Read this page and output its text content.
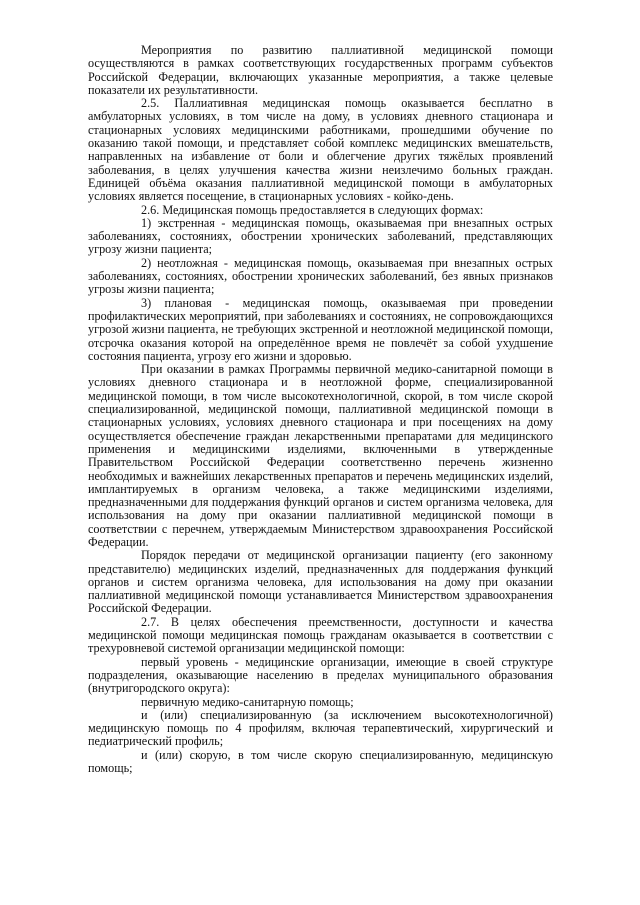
Мероприятия по развитию паллиативной медицинской помощи осуществляются в рамках соответствующих государственных программ субъектов Российской Федерации, включающих указанные мероприятия, а также целевые показатели их результативности.

2.5. Паллиативная медицинская помощь оказывается бесплатно в амбулаторных условиях, в том числе на дому, в условиях дневного стационара и стационарных условиях медицинскими работниками, прошедшими обучение по оказанию такой помощи, и представляет собой комплекс медицинских вмешательств, направленных на избавление от боли и облегчение других тяжёлых проявлений заболевания, в целях улучшения качества жизни неизлечимо больных граждан. Единицей объёма оказания паллиативной медицинской помощи в амбулаторных условиях является посещение, в стационарных условиях - койко-день.

2.6. Медицинская помощь предоставляется в следующих формах:

1) экстренная - медицинская помощь, оказываемая при внезапных острых заболеваниях, состояниях, обострении хронических заболеваний, представляющих угрозу жизни пациента;

2) неотложная - медицинская помощь, оказываемая при внезапных острых заболеваниях, состояниях, обострении хронических заболеваний, без явных признаков угрозы жизни пациента;

3) плановая - медицинская помощь, оказываемая при проведении профилактических мероприятий, при заболеваниях и состояниях, не сопровождающихся угрозой жизни пациента, не требующих экстренной и неотложной медицинской помощи, отсрочка оказания которой на определённое время не повлечёт за собой ухудшение состояния пациента, угрозу его жизни и здоровью.

При оказании в рамках Программы первичной медико-санитарной помощи в условиях дневного стационара и в неотложной форме, специализированной медицинской помощи, в том числе высокотехнологичной, скорой, в том числе скорой специализированной, медицинской помощи, паллиативной медицинской помощи в стационарных условиях, условиях дневного стационара и при посещениях на дому осуществляется обеспечение граждан лекарственными препаратами для медицинского применения и медицинскими изделиями, включенными в утвержденные Правительством Российской Федерации соответственно перечень жизненно необходимых и важнейших лекарственных препаратов и перечень медицинских изделий, имплантируемых в организм человека, а также медицинскими изделиями, предназначенными для поддержания функций органов и систем организма человека, для использования на дому при оказании паллиативной медицинской помощи в соответствии с перечнем, утверждаемым Министерством здравоохранения Российской Федерации.

Порядок передачи от медицинской организации пациенту (его законному представителю) медицинских изделий, предназначенных для поддержания функций органов и систем организма человека, для использования на дому при оказании паллиативной медицинской помощи устанавливается Министерством здравоохранения Российской Федерации.

2.7. В целях обеспечения преемственности, доступности и качества медицинской помощи медицинская помощь гражданам оказывается в соответствии с трехуровневой системой организации медицинской помощи:

первый уровень - медицинские организации, имеющие в своей структуре подразделения, оказывающие населению в пределах муниципального образования (внутригородского округа):

первичную медико-санитарную помощь;

и (или) специализированную (за исключением высокотехнологичной) медицинскую помощь по 4 профилям, включая терапевтический, хирургический и педиатрический профиль;

и (или) скорую, в том числе скорую специализированную, медицинскую помощь;
